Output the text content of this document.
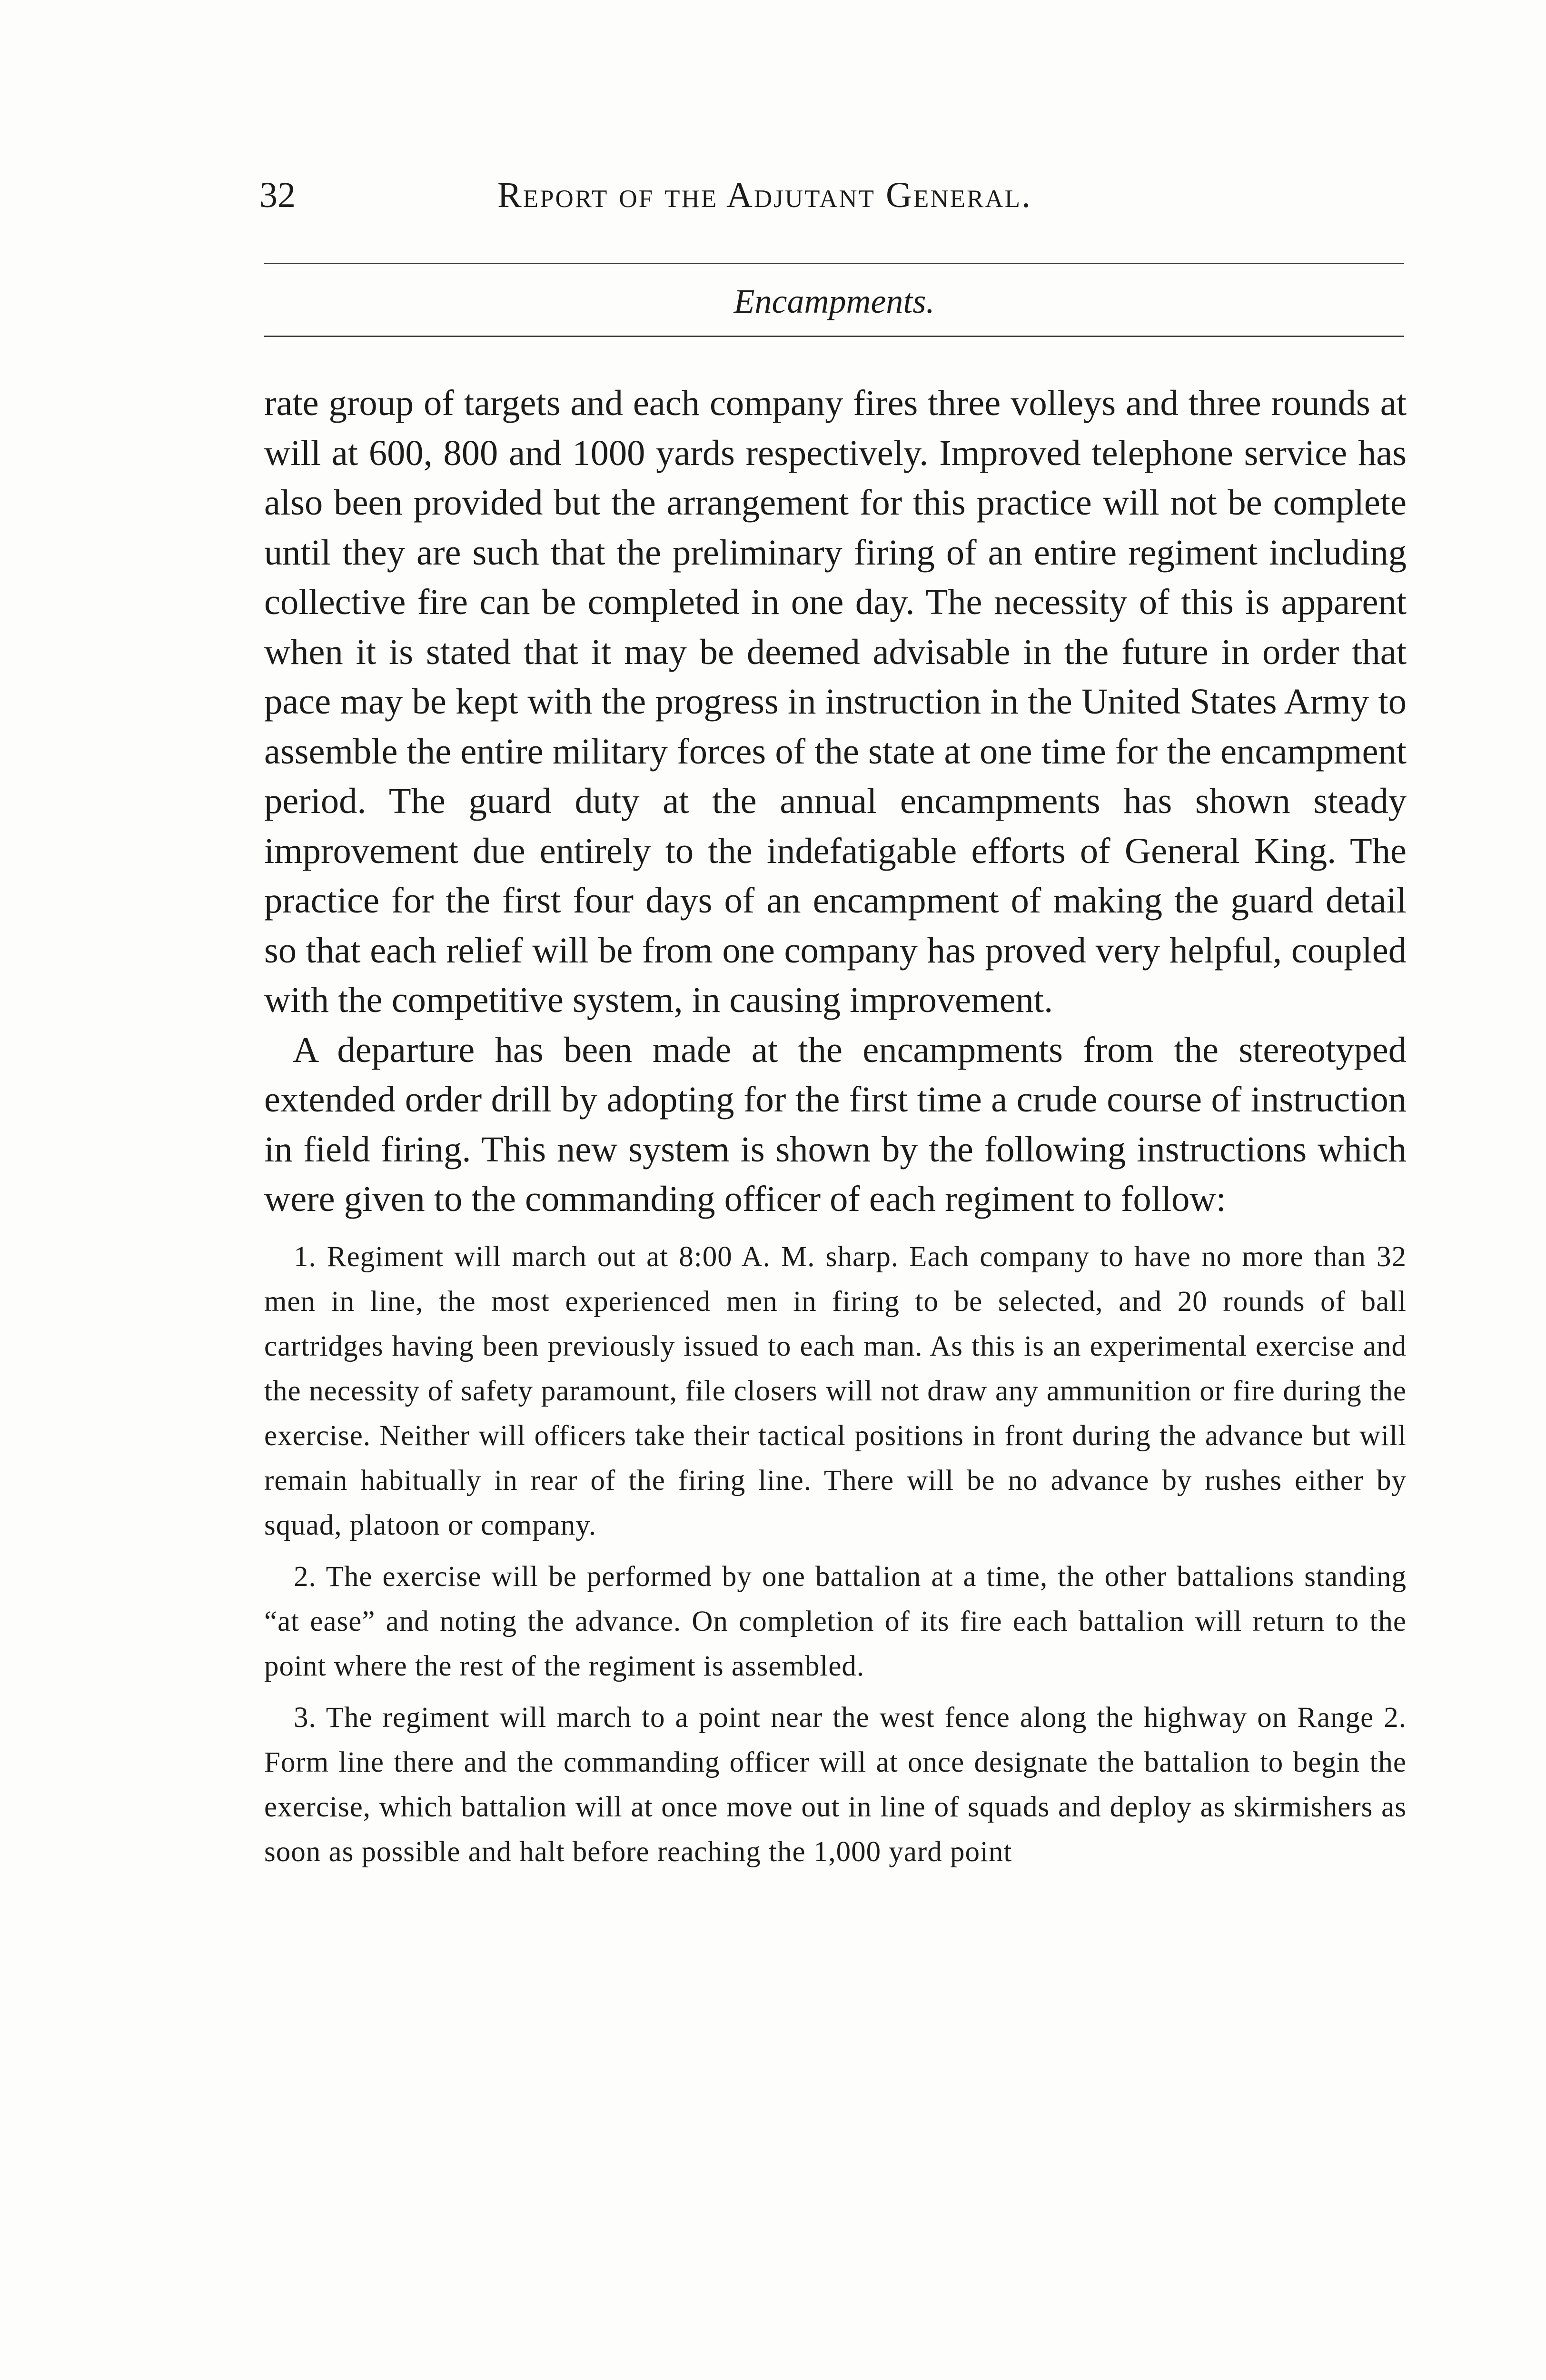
32	Report of the Adjutant General.
Encampments.

rate group of targets and each company fires three volleys and three rounds at will at 600, 800 and 1000 yards respectively. Improved telephone service has also been provided but the arrangement for this practice will not be complete until they are such that the preliminary firing of an entire regiment including collective fire can be completed in one day. The necessity of this is apparent when it is stated that it may be deemed advisable in the future in order that pace may be kept with the progress in instruction in the United States Army to assemble the entire military forces of the state at one time for the encampment period. The guard duty at the annual encampments has shown steady improvement due entirely to the indefatigable efforts of General King. The practice for the first four days of an encampment of making the guard detail so that each relief will be from one company has proved very helpful, coupled with the competitive system, in causing improvement.

A departure has been made at the encampments from the stereotyped extended order drill by adopting for the first time a crude course of instruction in field firing. This new system is shown by the following instructions which were given to the commanding officer of each regiment to follow:

1. Regiment will march out at 8:00 A. M. sharp. Each company to have no more than 32 men in line, the most experienced men in firing to be selected, and 20 rounds of ball cartridges having been previously issued to each man. As this is an experimental exercise and the necessity of safety paramount, file closers will not draw any ammunition or fire during the exercise. Neither will officers take their tactical positions in front during the advance but will remain habitually in rear of the firing line. There will be no advance by rushes either by squad, platoon or company.

2. The exercise will be performed by one battalion at a time, the other battalions standing “at ease” and noting the advance. On completion of its fire each battalion will return to the point where the rest of the regiment is assembled.

3. The regiment will march to a point near the west fence along the highway on Range 2. Form line there and the commanding officer will at once designate the battalion to begin the exercise, which battalion will at once move out in line of squads and deploy as skirmishers as soon as possible and halt before reaching the 1,000 yard point
